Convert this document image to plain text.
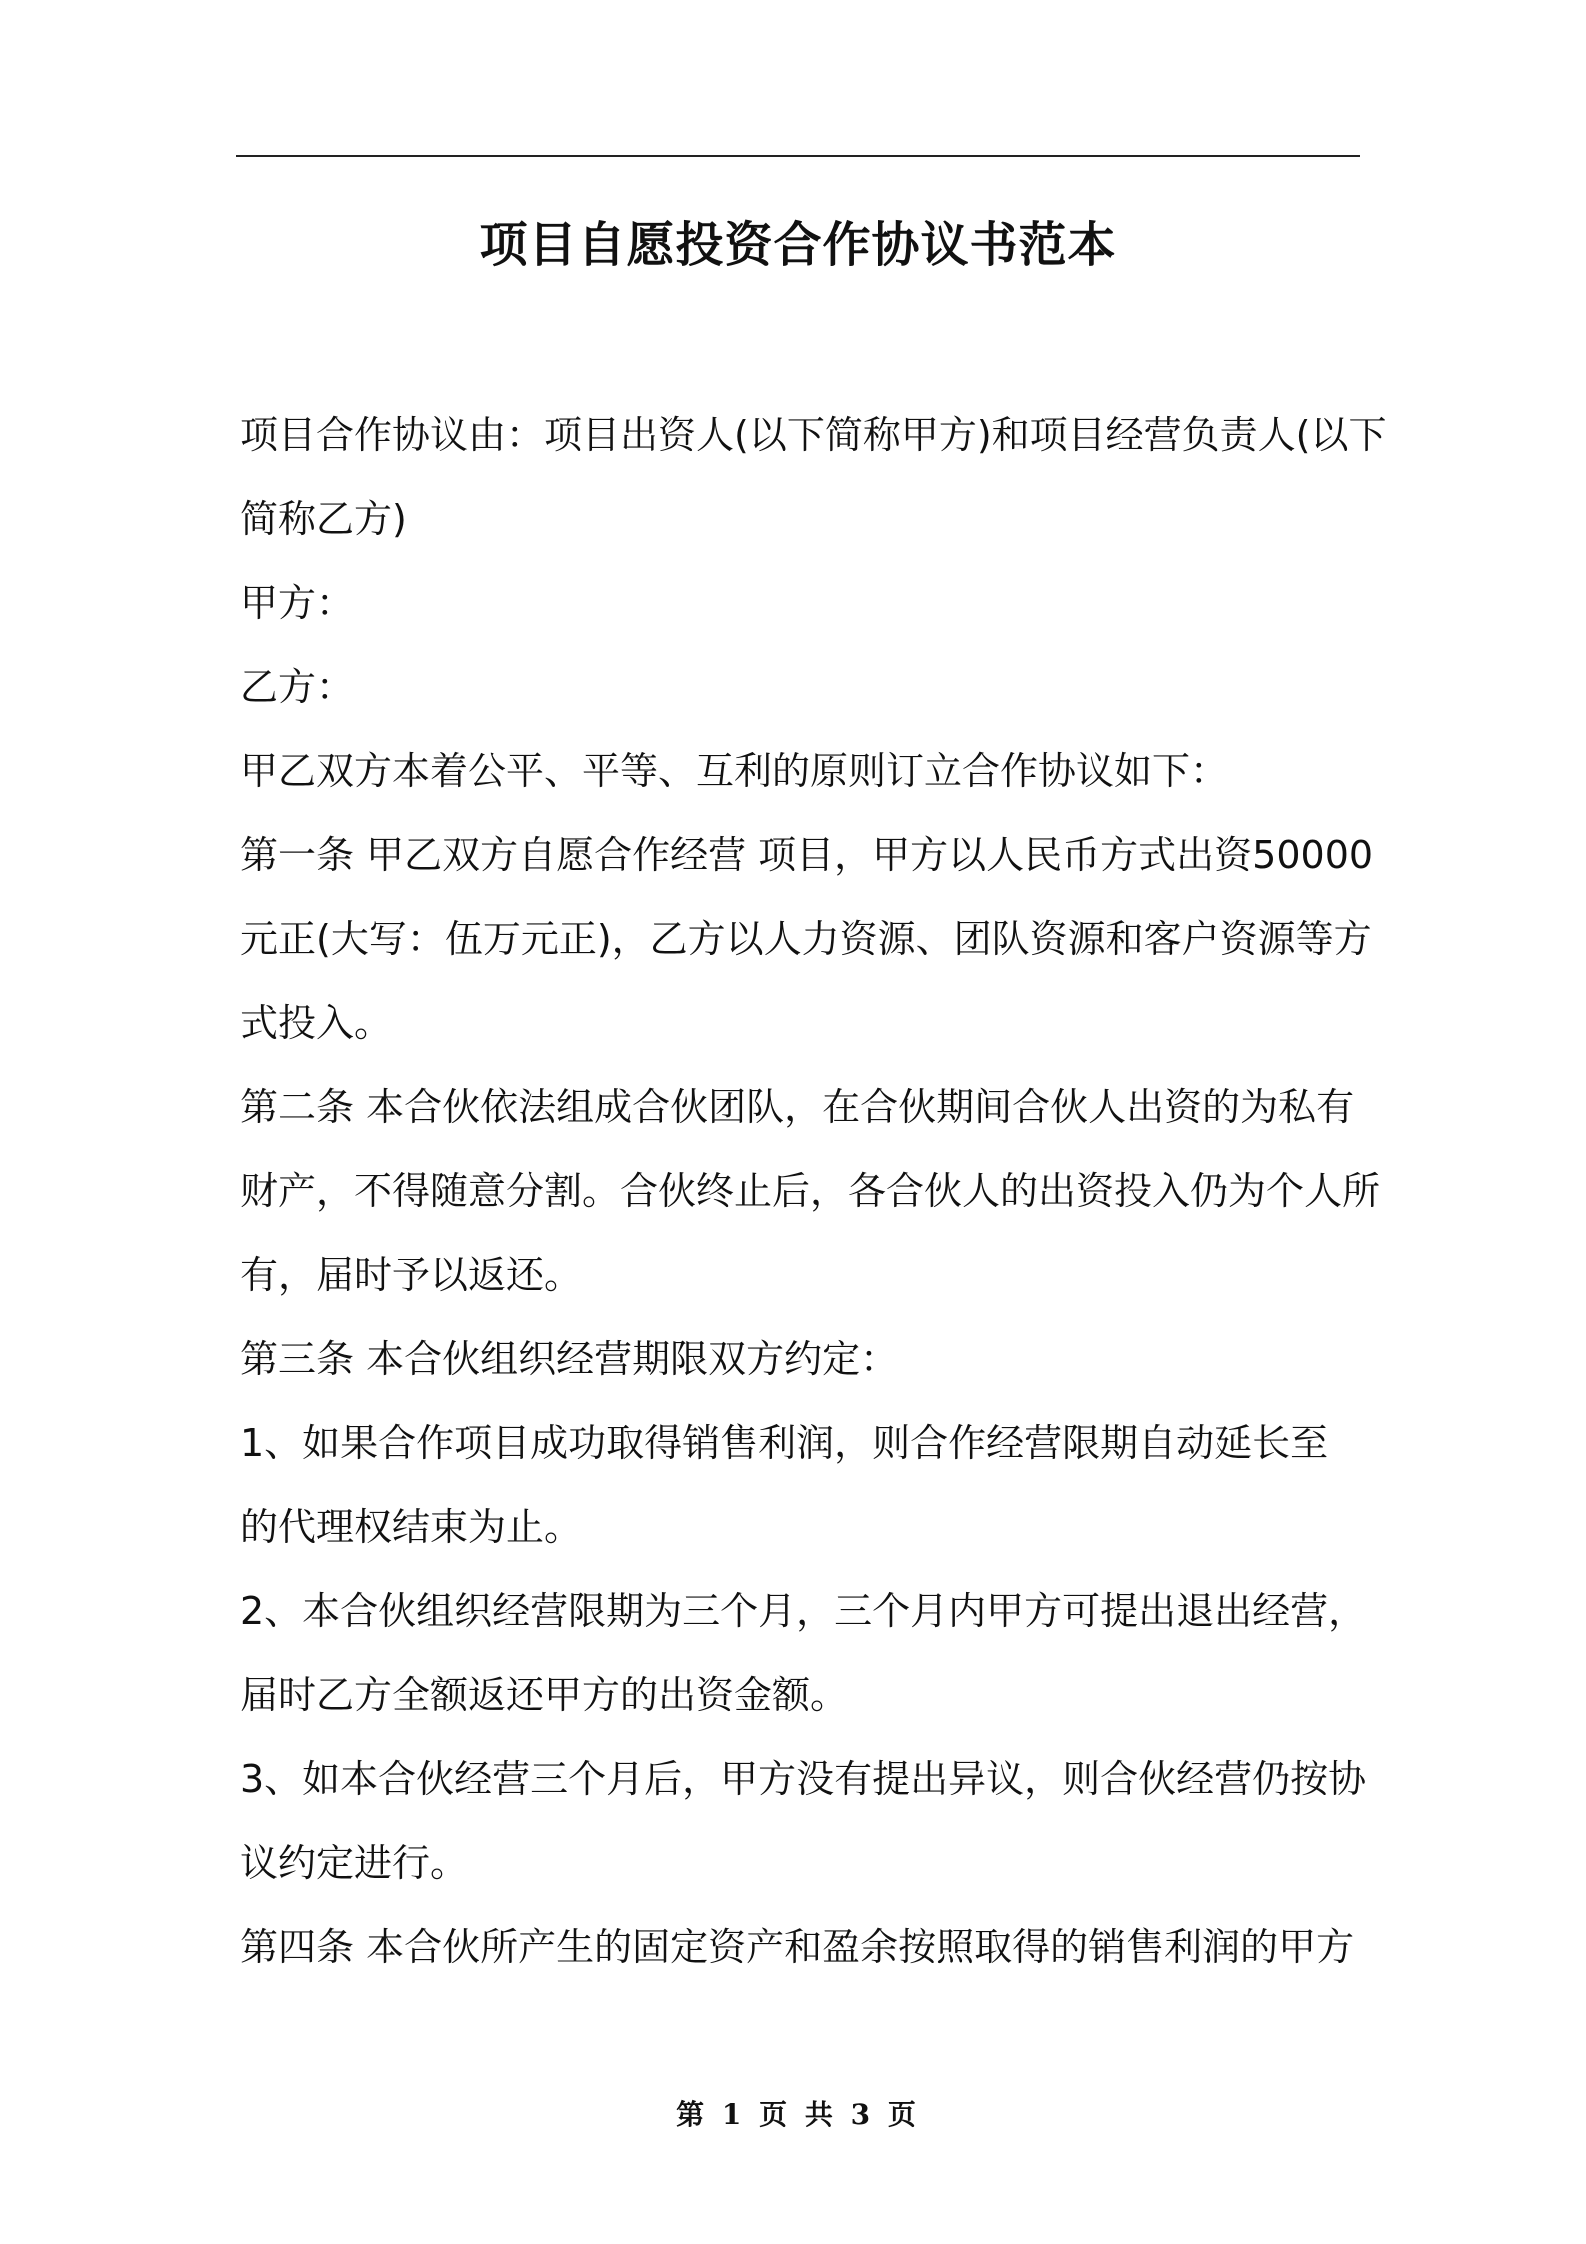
项目自愿投资合作协议书范本

项目合作协议由：项目出资人(以下简称甲方)和项目经营负责人(以下

简称乙方)

甲方：

乙方：

甲乙双方本着公平、平等、互利的原则订立合作协议如下：

第一条 甲乙双方自愿合作经营 项目，甲方以人民币方式出资50000

元正(大写：伍万元正)，乙方以人力资源、团队资源和客户资源等方

式投入。

第二条 本合伙依法组成合伙团队，在合伙期间合伙人出资的为私有

财产，不得随意分割。合伙终止后，各合伙人的出资投入仍为个人所

有，届时予以返还。

第三条 本合伙组织经营期限双方约定：

1、如果合作项目成功取得销售利润，则合作经营限期自动延长至

的代理权结束为止。

2、本合伙组织经营限期为三个月，三个月内甲方可提出退出经营，

届时乙方全额返还甲方的出资金额。

3、如本合伙经营三个月后，甲方没有提出异议，则合伙经营仍按协

议约定进行。

第四条 本合伙所产生的固定资产和盈余按照取得的销售利润的甲方

第 1 页 共 3 页
